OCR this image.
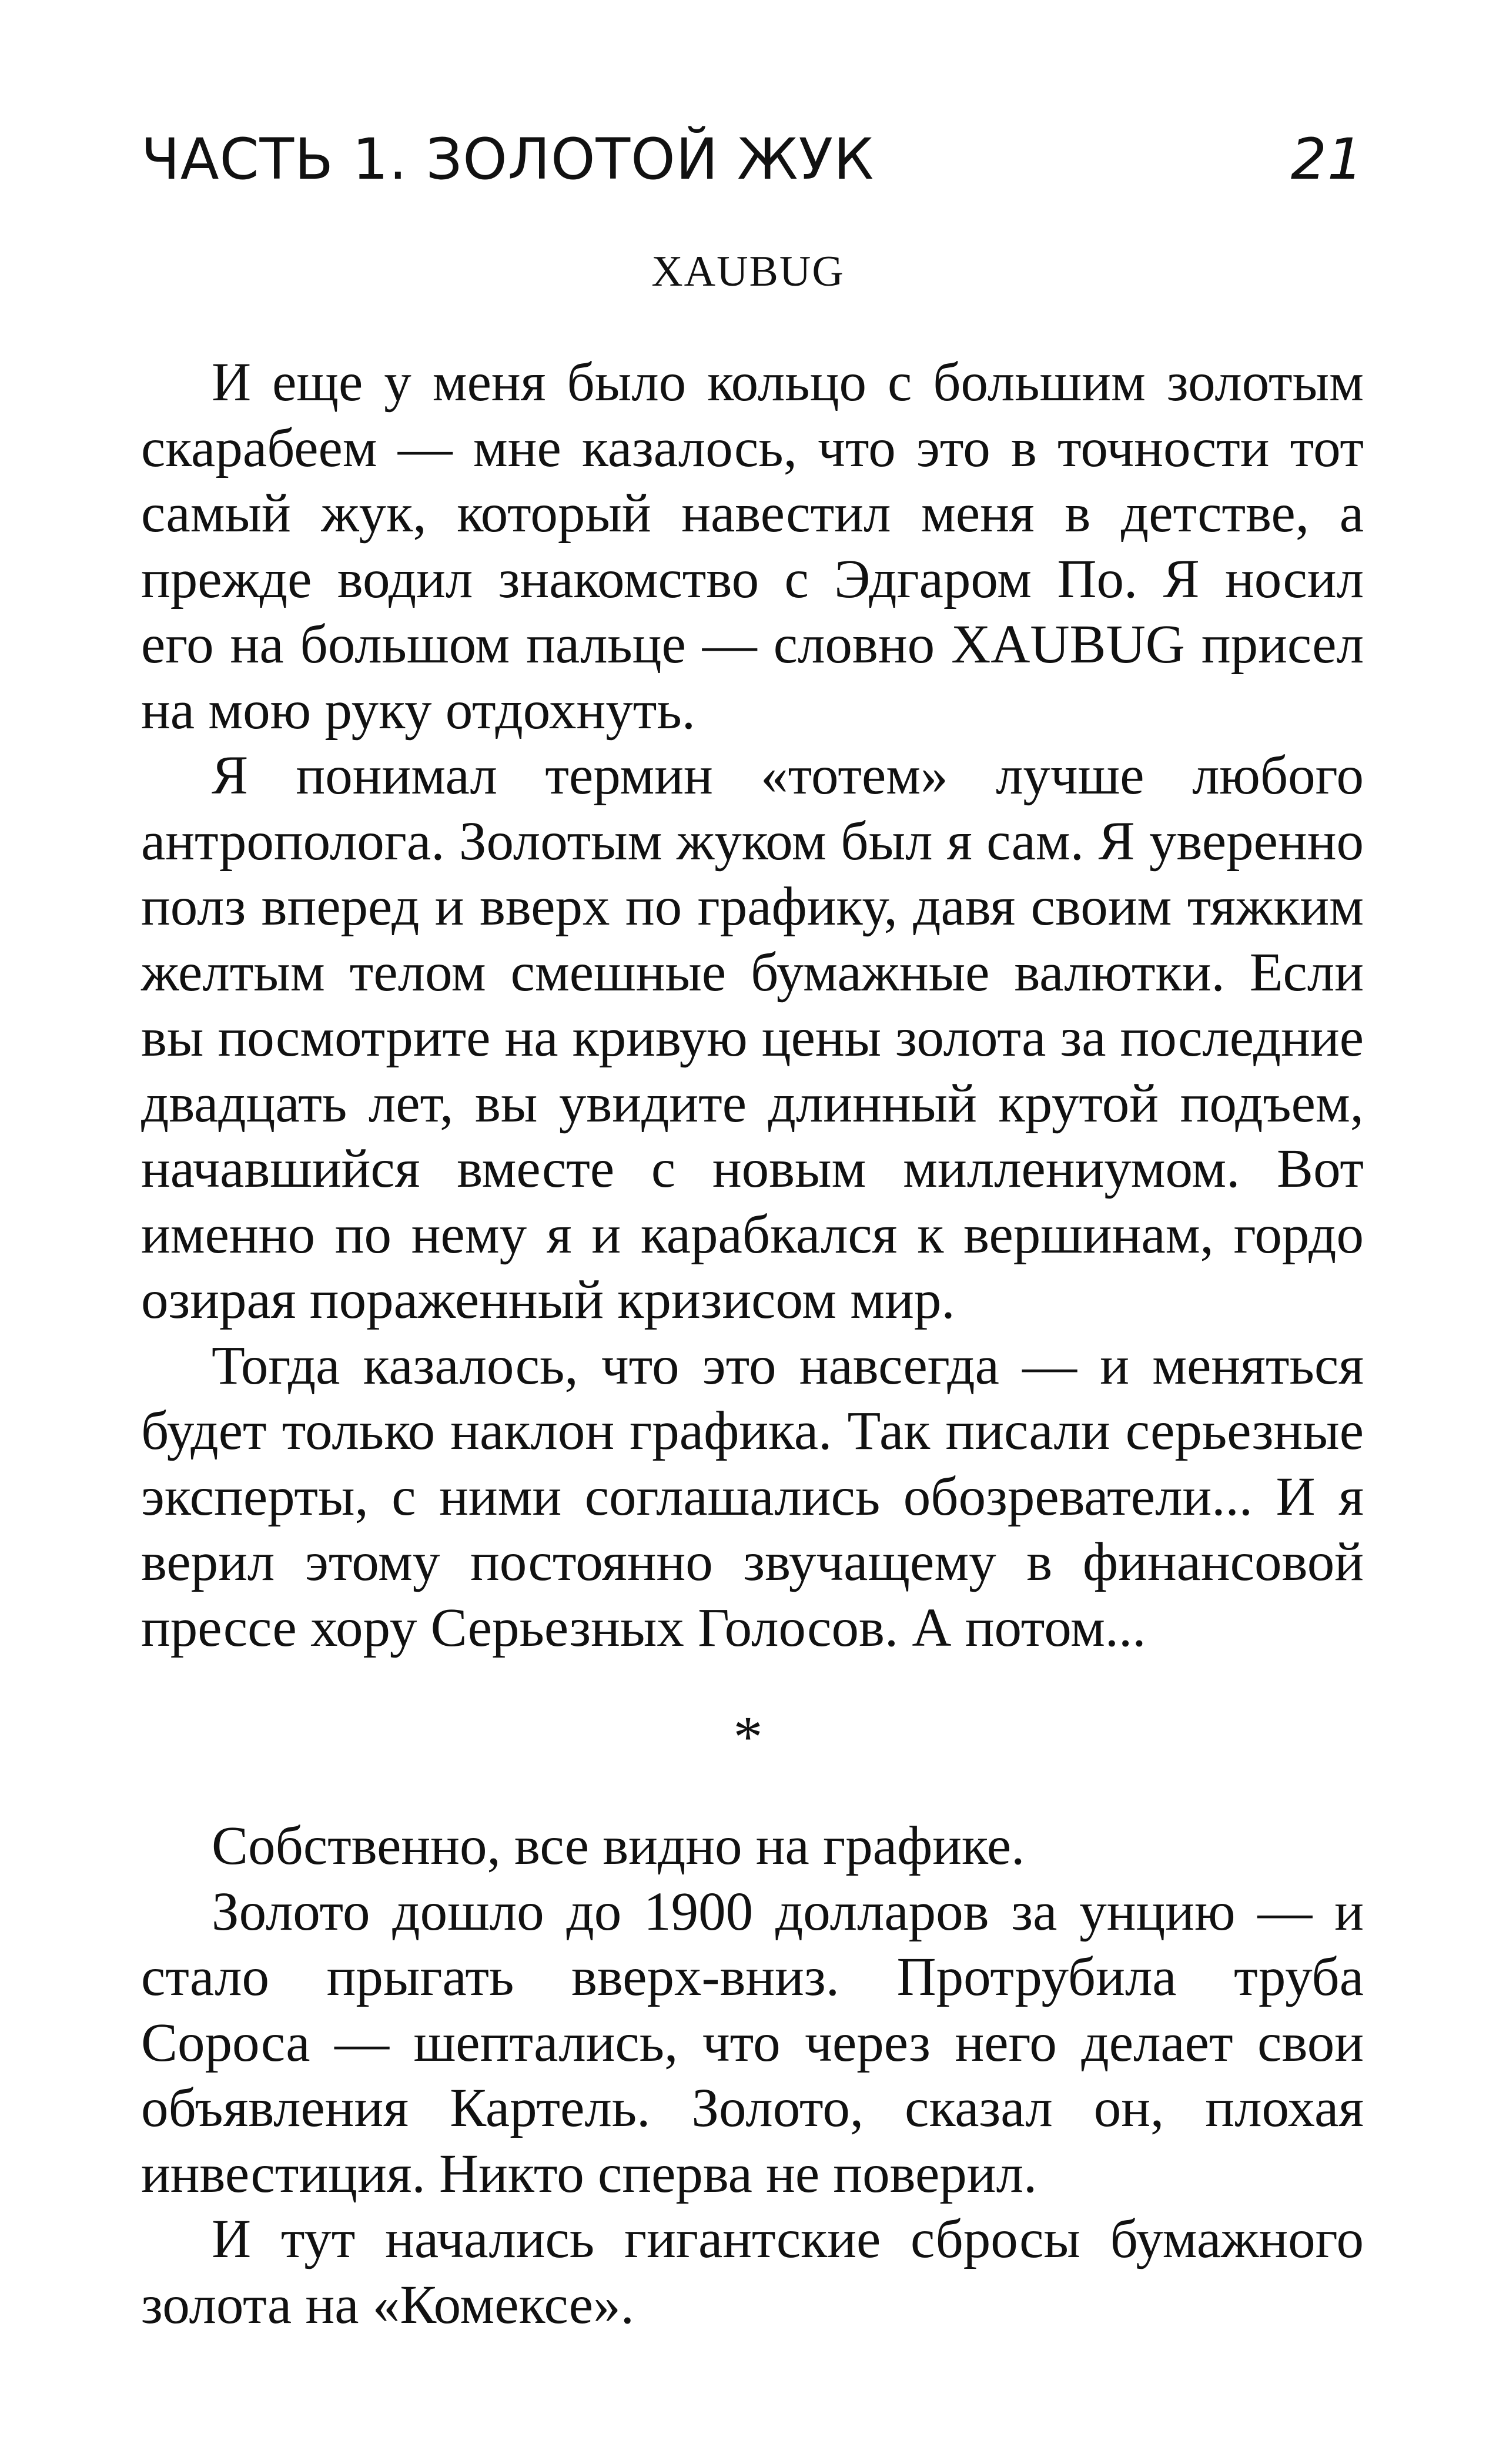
ЧАСТЬ 1. ЗОЛОТОЙ ЖУК	21
XAUBUG

И еще у меня было кольцо с большим золотым скарабеем — мне казалось, что это в точности тот самый жук, который навестил меня в детстве, а прежде водил знакомство с Эдгаром По. Я носил его на большом пальце — словно XAUBUG присел на мою руку отдохнуть.

Я понимал термин «тотем» лучше любого антрополога. Золотым жуком был я сам. Я уверенно полз вперед и вверх по графику, давя своим тяжким желтым телом смешные бумажные валютки. Если вы посмотрите на кривую цены золота за последние двадцать лет, вы увидите длинный крутой подъем, начавшийся вместе с новым миллениумом. Вот именно по нему я и карабкался к вершинам, гордо озирая пораженный кризисом мир.

Тогда казалось, что это навсегда — и меняться будет только наклон графика. Так писали серьезные эксперты, с ними соглашались обозреватели... И я верил этому постоянно звучащему в финансовой прессе хору Серьезных Голосов. А потом...

*

Собственно, все видно на графике.

Золото дошло до 1900 долларов за унцию — и стало прыгать вверх-вниз. Протрубила труба Сороса — шептались, что через него делает свои объявления Картель. Золото, сказал он, плохая инвестиция. Никто сперва не поверил.

И тут начались гигантские сбросы бумажного золота на «Комексе».
